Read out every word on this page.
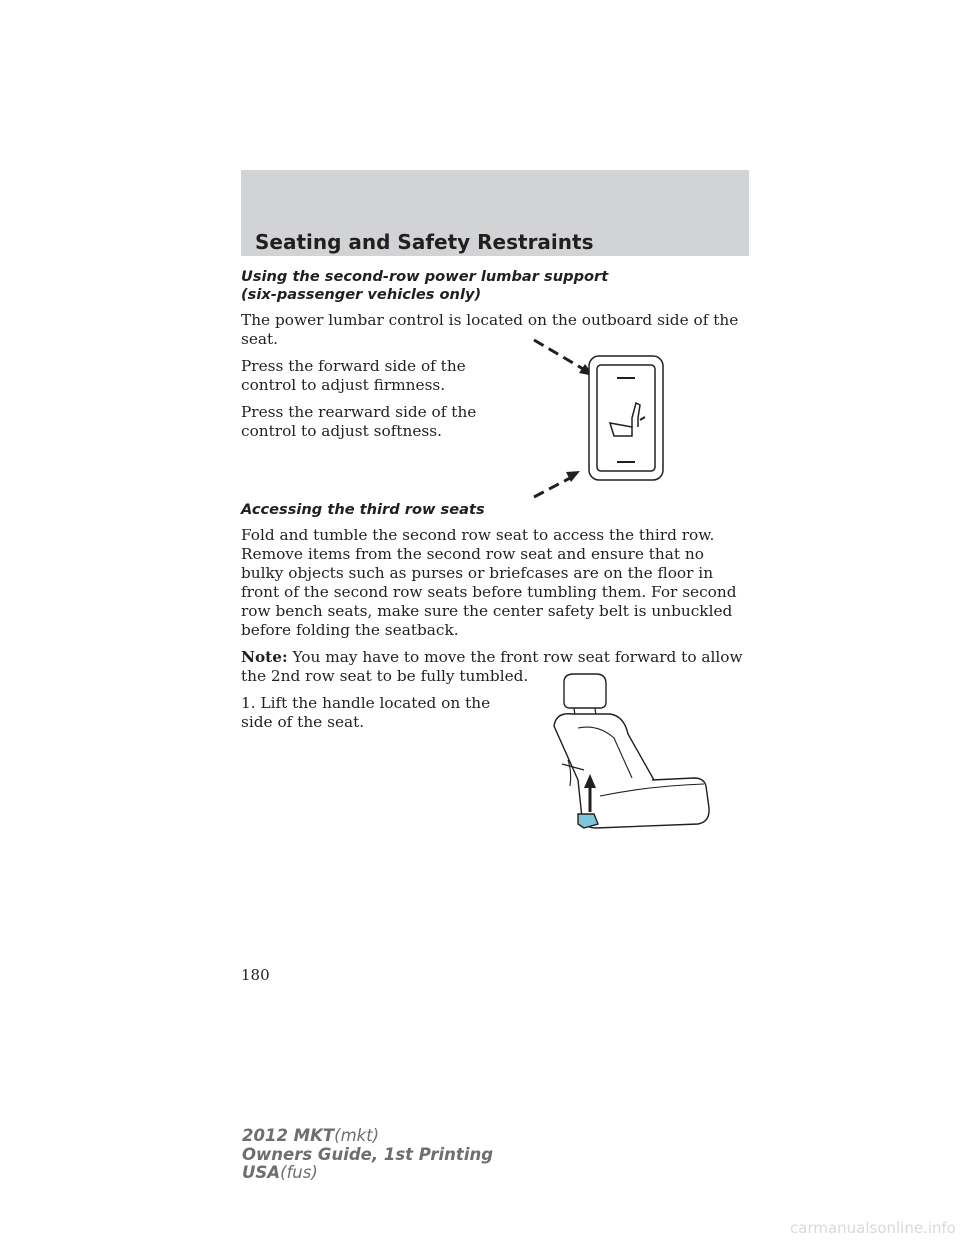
Seating and Safety Restraints
Using the second-row power lumbar support
(six-passenger vehicles only)

The power lumbar control is located on the outboard side of the seat.

Press the forward side of the control to adjust firmness.

Press the rearward side of the control to adjust softness.

Accessing the third row seats

Fold and tumble the second row seat to access the third row. Remove items from the second row seat and ensure that no bulky objects such as purses or briefcases are on the floor in front of the second row seats before tumbling them. For second row bench seats, make sure the center safety belt is unbuckled before folding the seatback.

Note: You may have to move the front row seat forward to allow the 2nd row seat to be fully tumbled.

1. Lift the handle located on the side of the seat.

180
2012 MKT(mkt)
Owners Guide, 1st Printing
USA(fus)
carmanualsonline.info
